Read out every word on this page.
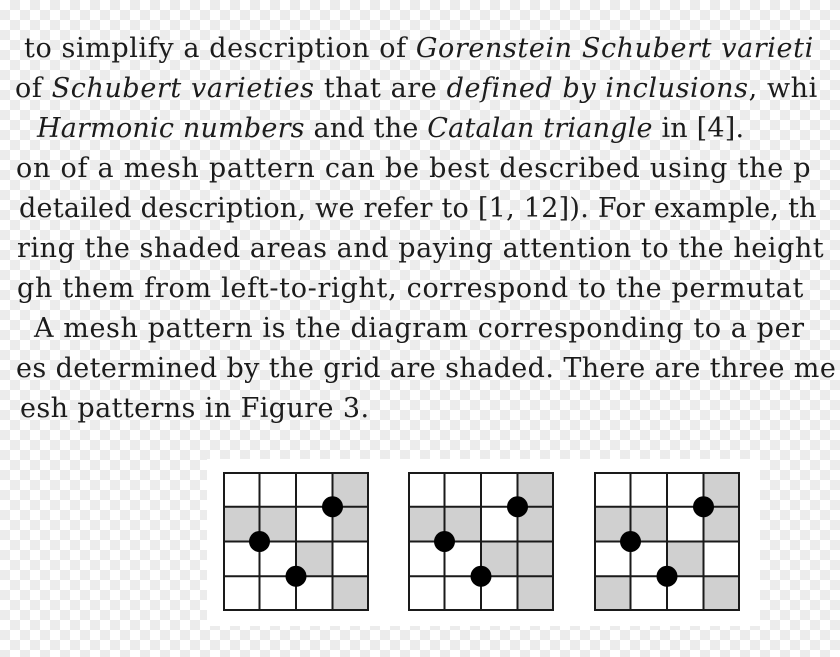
to simplify a description of Gorenstein Schubert varieti
of Schubert varieties that are defined by inclusions, whi
Harmonic numbers and the Catalan triangle in [4].
on of a mesh pattern can be best described using the p
detailed description, we refer to [1, 12]). For example, th
ring the shaded areas and paying attention to the height
gh them from left-to-right, correspond to the permutat
A mesh pattern is the diagram corresponding to a per
es determined by the grid are shaded. There are three me
esh patterns in Figure 3.
